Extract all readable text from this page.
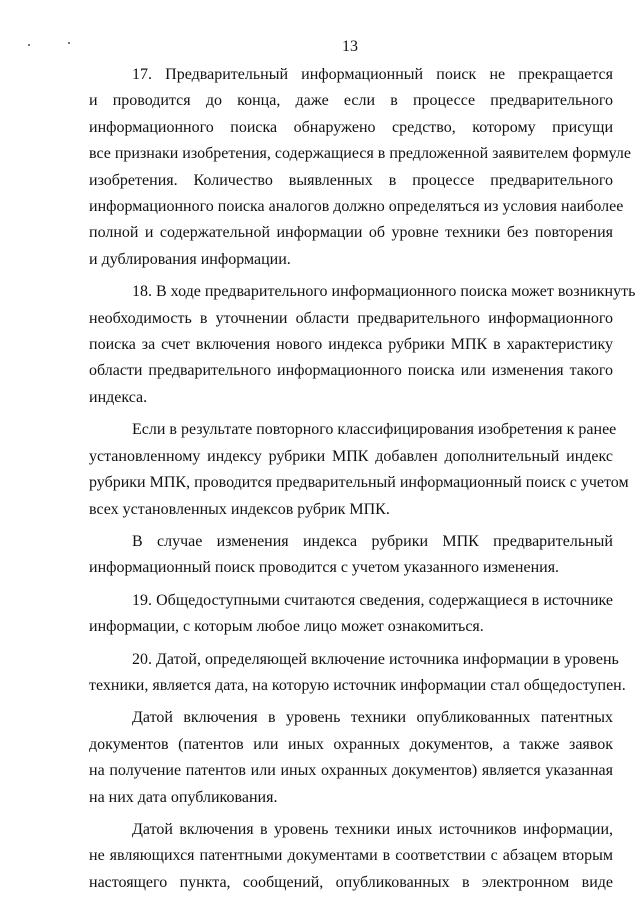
13
17. Предварительный информационный поиск не прекращается
и проводится до конца, даже если в процессе предварительного
информационного поиска обнаружено средство, которому присущи
все признаки изобретения, содержащиеся в предложенной заявителем формуле
изобретения. Количество выявленных в процессе предварительного
информационного поиска аналогов должно определяться из условия наиболее
полной и содержательной информации об уровне техники без повторения
и дублирования информации.
18. В ходе предварительного информационного поиска может возникнуть
необходимость в уточнении области предварительного информационного
поиска за счет включения нового индекса рубрики МПК в характеристику
области предварительного информационного поиска или изменения такого
индекса.
Если в результате повторного классифицирования изобретения к ранее
установленному индексу рубрики МПК добавлен дополнительный индекс
рубрики МПК, проводится предварительный информационный поиск с учетом
всех установленных индексов рубрик МПК.
В случае изменения индекса рубрики МПК предварительный
информационный поиск проводится с учетом указанного изменения.
19. Общедоступными считаются сведения, содержащиеся в источнике
информации, с которым любое лицо может ознакомиться.
20. Датой, определяющей включение источника информации в уровень
техники, является дата, на которую источник информации стал общедоступен.
Датой включения в уровень техники опубликованных патентных
документов (патентов или иных охранных документов, а также заявок
на получение патентов или иных охранных документов) является указанная
на них дата опубликования.
Датой включения в уровень техники иных источников информации,
не являющихся патентными документами в соответствии с абзацем вторым
настоящего пункта, сообщений, опубликованных в электронном виде
